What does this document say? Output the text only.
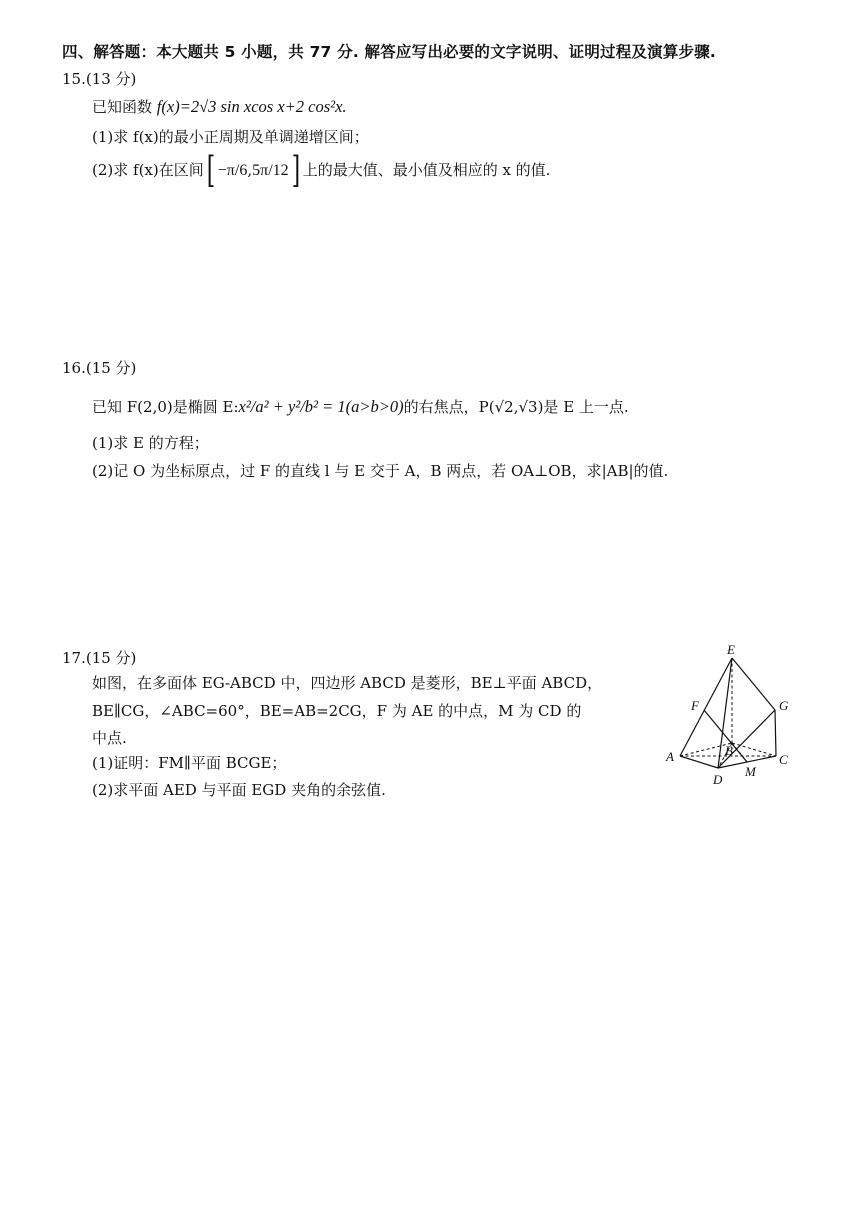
四、解答题：本大题共 5 小题，共 77 分. 解答应写出必要的文字说明、证明过程及演算步骤.
15.(13 分)
已知函数 f(x)=2√3 sin xcos x+2 cos²x.
(1)求 f(x)的最小正周期及单调递增区间；
(2)求 f(x)在区间[ −π/6,5π/12] 上的最大值、最小值及相应的 x 的值.
16.(15 分)
已知 F(2,0)是椭圆 E:x²/a² + y²/b² = 1(a>b>0)的右焦点，P(√2,√3)是 E 上一点.
(1)求 E 的方程；
(2)记 O 为坐标原点，过 F 的直线 l 与 E 交于 A，B 两点，若 OA⊥OB，求|AB|的值.
17.(15 分)
如图，在多面体 EG-ABCD 中，四边形 ABCD 是菱形，BE⊥平面 ABCD，
BE∥CG，∠ABC=60°，BE=AB=2CG，F 为 AE 的中点，M 为 CD 的
中点.
(1)证明：FM∥平面 BCGE；
(2)求平面 AED 与平面 EGD 夹角的余弦值.
E
F	G
A	B
C
D
M
